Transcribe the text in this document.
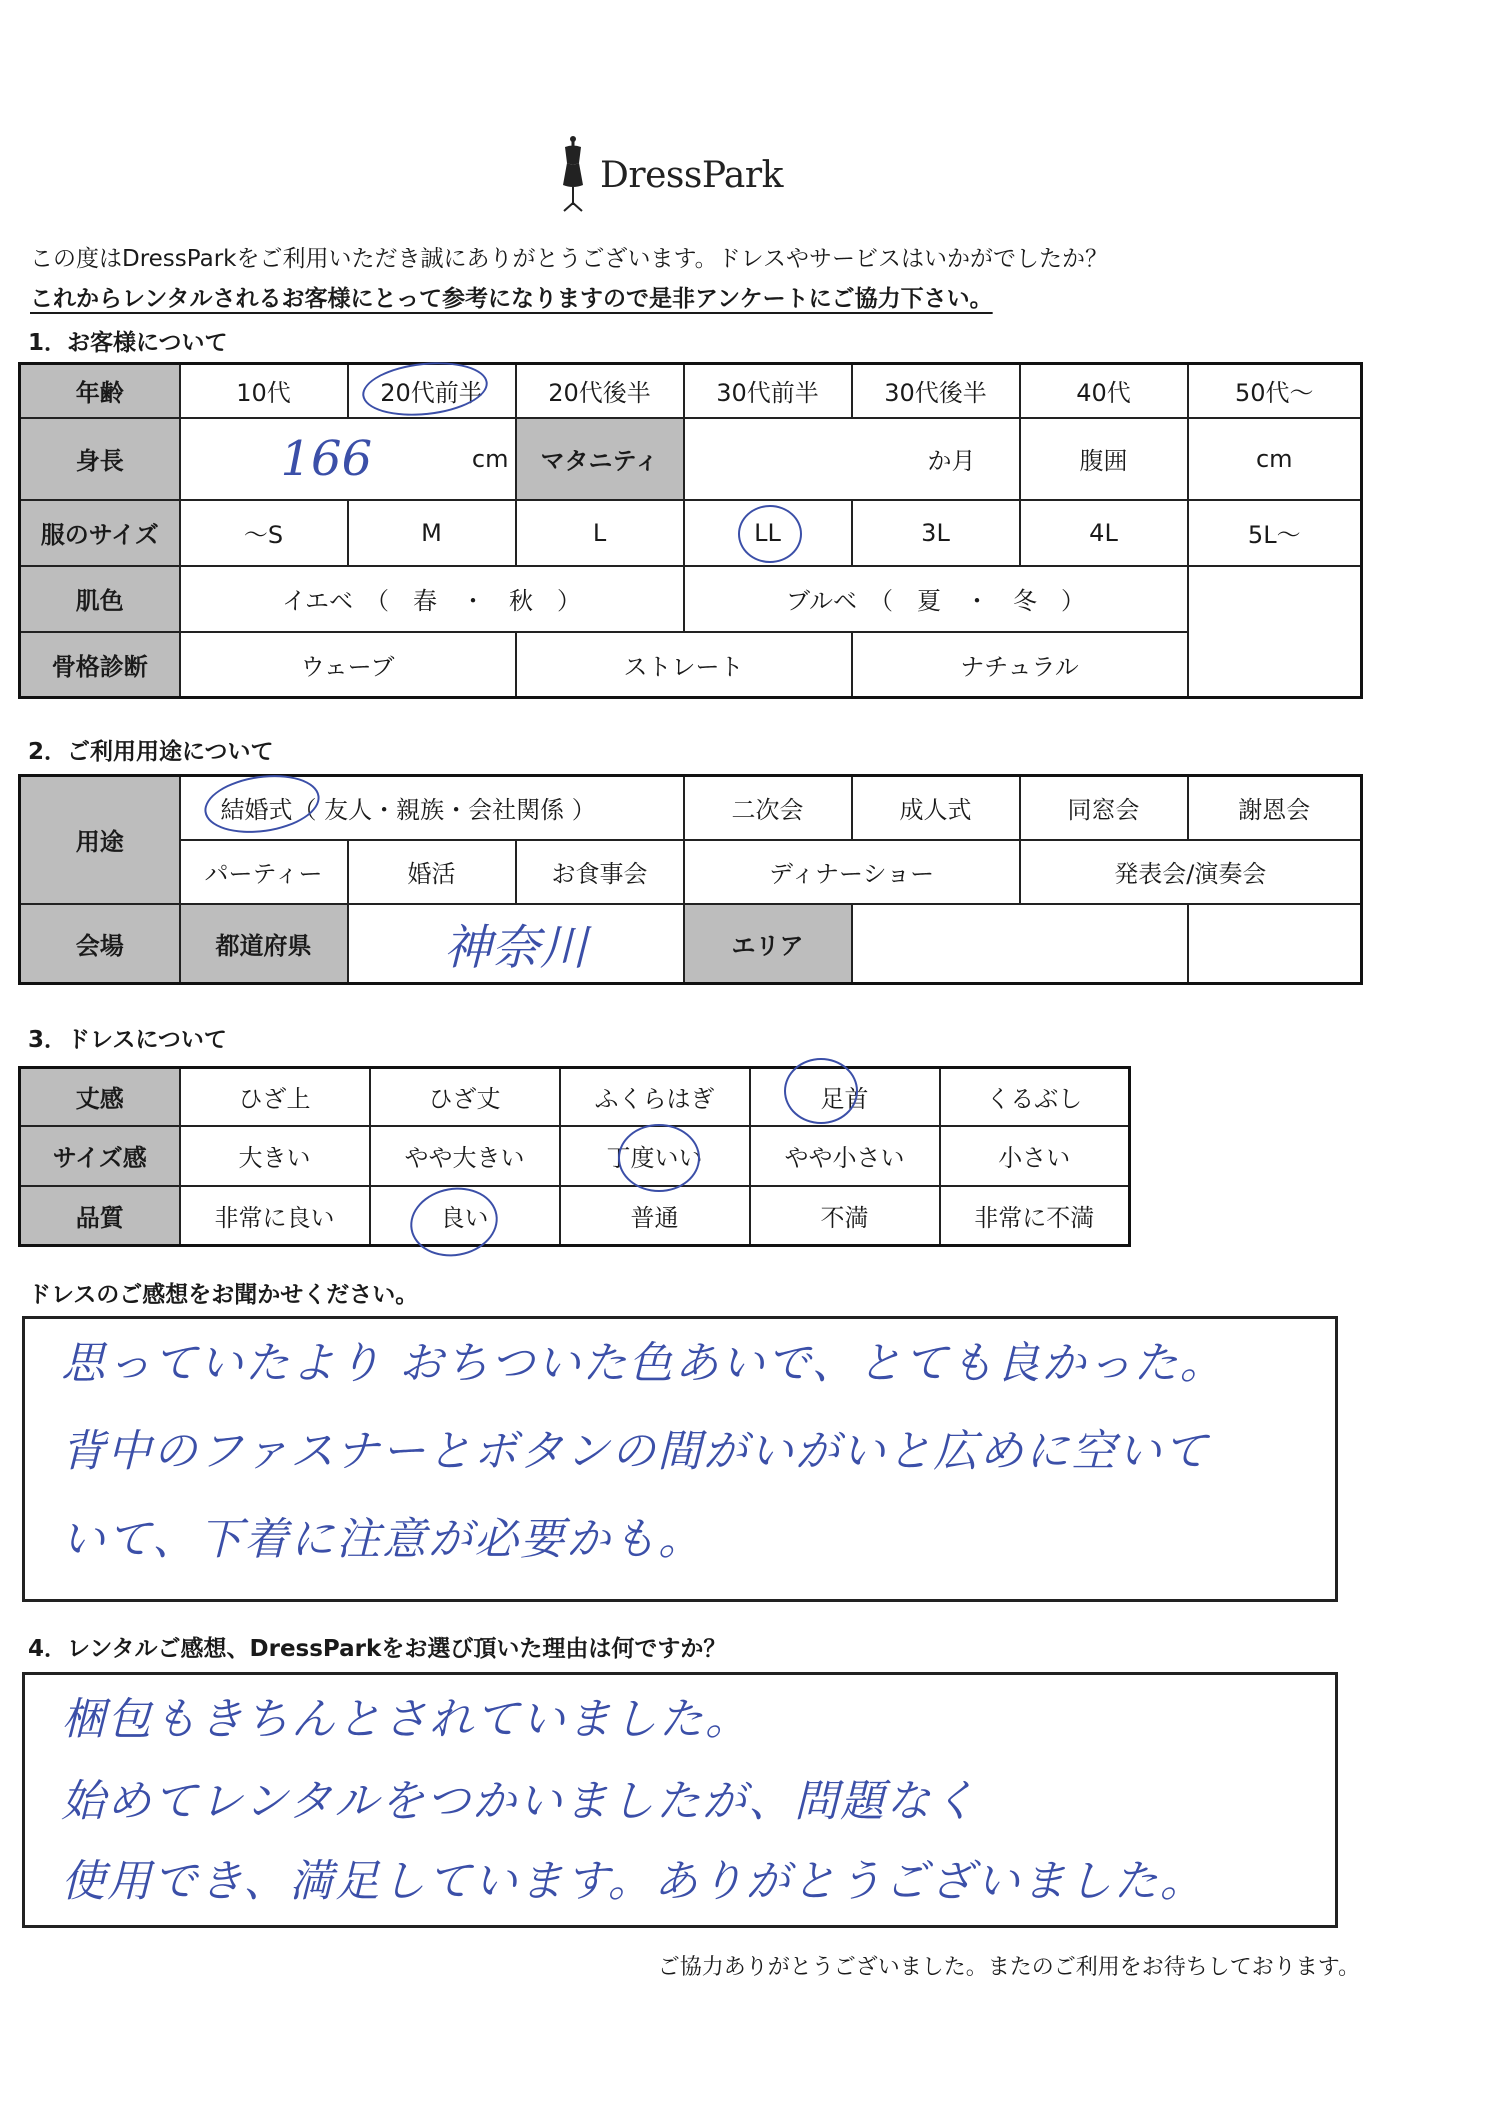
DressPark
この度はDressParkをご利用いただき誠にありがとうございます。ドレスやサービスはいかがでしたか？
これからレンタルされるお客様にとって参考になりますので是非アンケートにご協力下さい。
1．お客様について
年齢	10代	20代前半	20代後半	30代前半	30代後半	40代	50代～
身長	166 cm		マタニティ	か月		腹囲	cm
服のサイズ	～S	M	L	LL	3L	4L	5L～
肌色	イエベ　（　春　・　秋　）			ブルベ　（　夏　・　冬　）			
骨格診断	ウェーブ		ストレート		ナチュラル		
2．ご利用用途について
用途	結婚式（ 友人・親族・会社関係 ）			二次会	成人式	同窓会	謝恩会
	パーティー	婚活	お食事会	ディナーショー		発表会/演奏会	
会場	都道府県	神奈川		エリア			
3．ドレスについて
丈感	ひざ上	ひざ丈	ふくらはぎ	足首	くるぶし
サイズ感	大きい	やや大きい	丁度いい	やや小さい	小さい
品質	非常に良い	良い	普通	不満	非常に不満
ドレスのご感想をお聞かせください。
思っていたより おちついた色あいで、とても良かった。
背中のファスナーとボタンの間がいがいと広めに空いて
いて、下着に注意が必要かも。
4．レンタルご感想、DressParkをお選び頂いた理由は何ですか？
梱包もきちんとされていました。
始めてレンタルをつかいましたが、問題なく
使用でき、満足しています。ありがとうございました。
ご協力ありがとうございました。またのご利用をお待ちしております。
